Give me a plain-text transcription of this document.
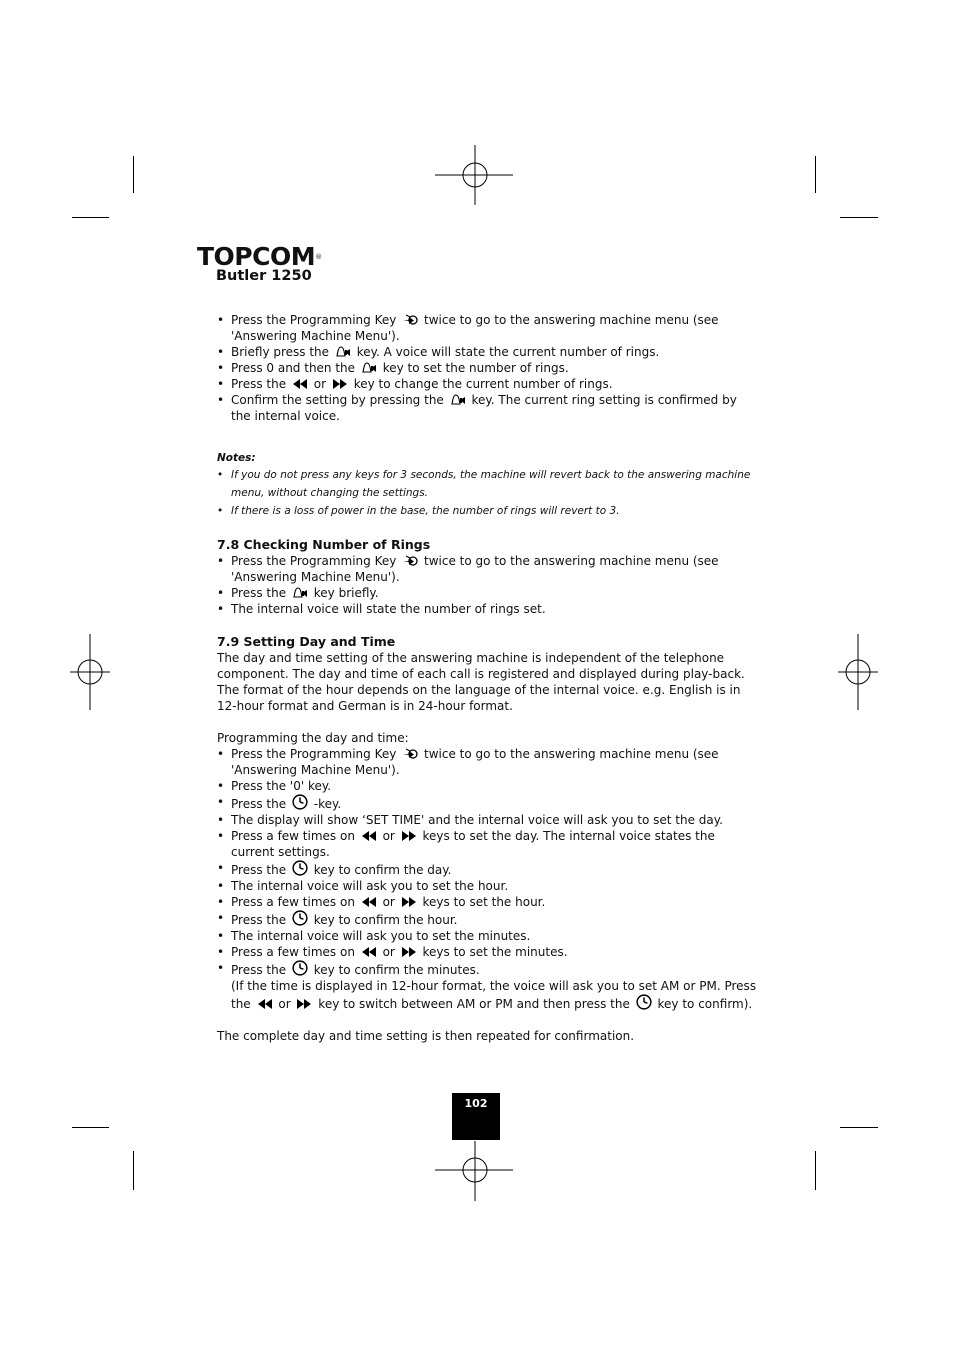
TOPCOM®
Butler 1250
• Press the Programming Key twice to go to the answering machine menu (see 'Answering Machine Menu').
• Briefly press the key. A voice will state the current number of rings.
• Press 0 and then the key to set the number of rings.
• Press the or key to change the current number of rings.
• Confirm the setting by pressing the key. The current ring setting is confirmed by the internal voice.
Notes:
• If you do not press any keys for 3 seconds, the machine will revert back to the answering machine menu, without changing the settings.
• If there is a loss of power in the base, the number of rings will revert to 3.
7.8 Checking Number of Rings
• Press the Programming Key twice to go to the answering machine menu (see 'Answering Machine Menu').
• Press the key briefly.
• The internal voice will state the number of rings set.
7.9 Setting Day and Time

The day and time setting of the answering machine is independent of the telephone component. The day and time of each call is registered and displayed during play-back. The format of the hour depends on the language of the internal voice. e.g. English is in 12-hour format and German is in 24-hour format.

Programming the day and time:

• Press the Programming Key twice to go to the answering machine menu (see 'Answering Machine Menu').
• Press the '0' key.
• Press the -key.
• The display will show ‘SET TIME' and the internal voice will ask you to set the day.
• Press a few times on or keys to set the day. The internal voice states the current settings.
• Press the key to confirm the day.
• The internal voice will ask you to set the hour.
• Press a few times on or keys to set the hour.
• Press the key to confirm the hour.
• The internal voice will ask you to set the minutes.
• Press a few times on or keys to set the minutes.
• Press the key to confirm the minutes.
(If the time is displayed in 12-hour format, the voice will ask you to set AM or PM. Press the or key to switch between AM or PM and then press the key to confirm).

The complete day and time setting is then repeated for confirmation.

102
